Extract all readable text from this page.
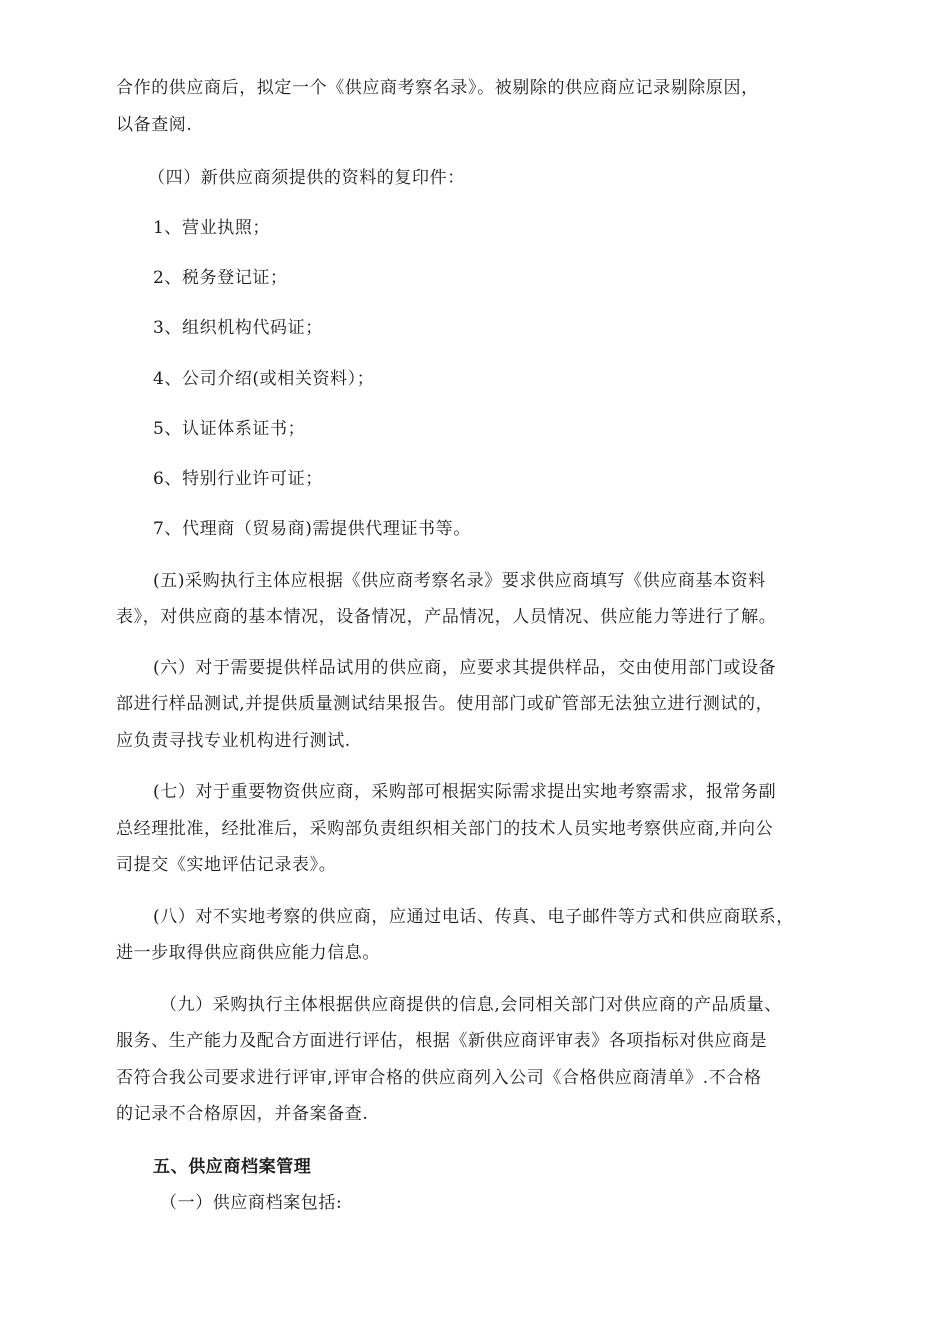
合作的供应商后，拟定一个《供应商考察名录》。被剔除的供应商应记录剔除原因，
以备查阅.
（四）新供应商须提供的资料的复印件：
1、营业执照；
2、税务登记证；
3、组织机构代码证；
4、公司介绍(或相关资料）；
5、认证体系证书；
6、特别行业许可证；
7、代理商（贸易商)需提供代理证书等。
(五)采购执行主体应根据《供应商考察名录》要求供应商填写《供应商基本资料
表》，对供应商的基本情况，设备情况，产品情况，人员情况、供应能力等进行了解。
(六）对于需要提供样品试用的供应商，应要求其提供样品，交由使用部门或设备
部进行样品测试,并提供质量测试结果报告。使用部门或矿管部无法独立进行测试的，
应负责寻找专业机构进行测试.
(七）对于重要物资供应商，采购部可根据实际需求提出实地考察需求，报常务副
总经理批准，经批准后，采购部负责组织相关部门的技术人员实地考察供应商,并向公
司提交《实地评估记录表》。
(八）对不实地考察的供应商，应通过电话、传真、电子邮件等方式和供应商联系，
进一步取得供应商供应能力信息。
（九）采购执行主体根据供应商提供的信息,会同相关部门对供应商的产品质量、
服务、生产能力及配合方面进行评估，根据《新供应商评审表》各项指标对供应商是
否符合我公司要求进行评审,评审合格的供应商列入公司《合格供应商清单》.不合格
的记录不合格原因，并备案备查.
五、供应商档案管理
（一）供应商档案包括:
